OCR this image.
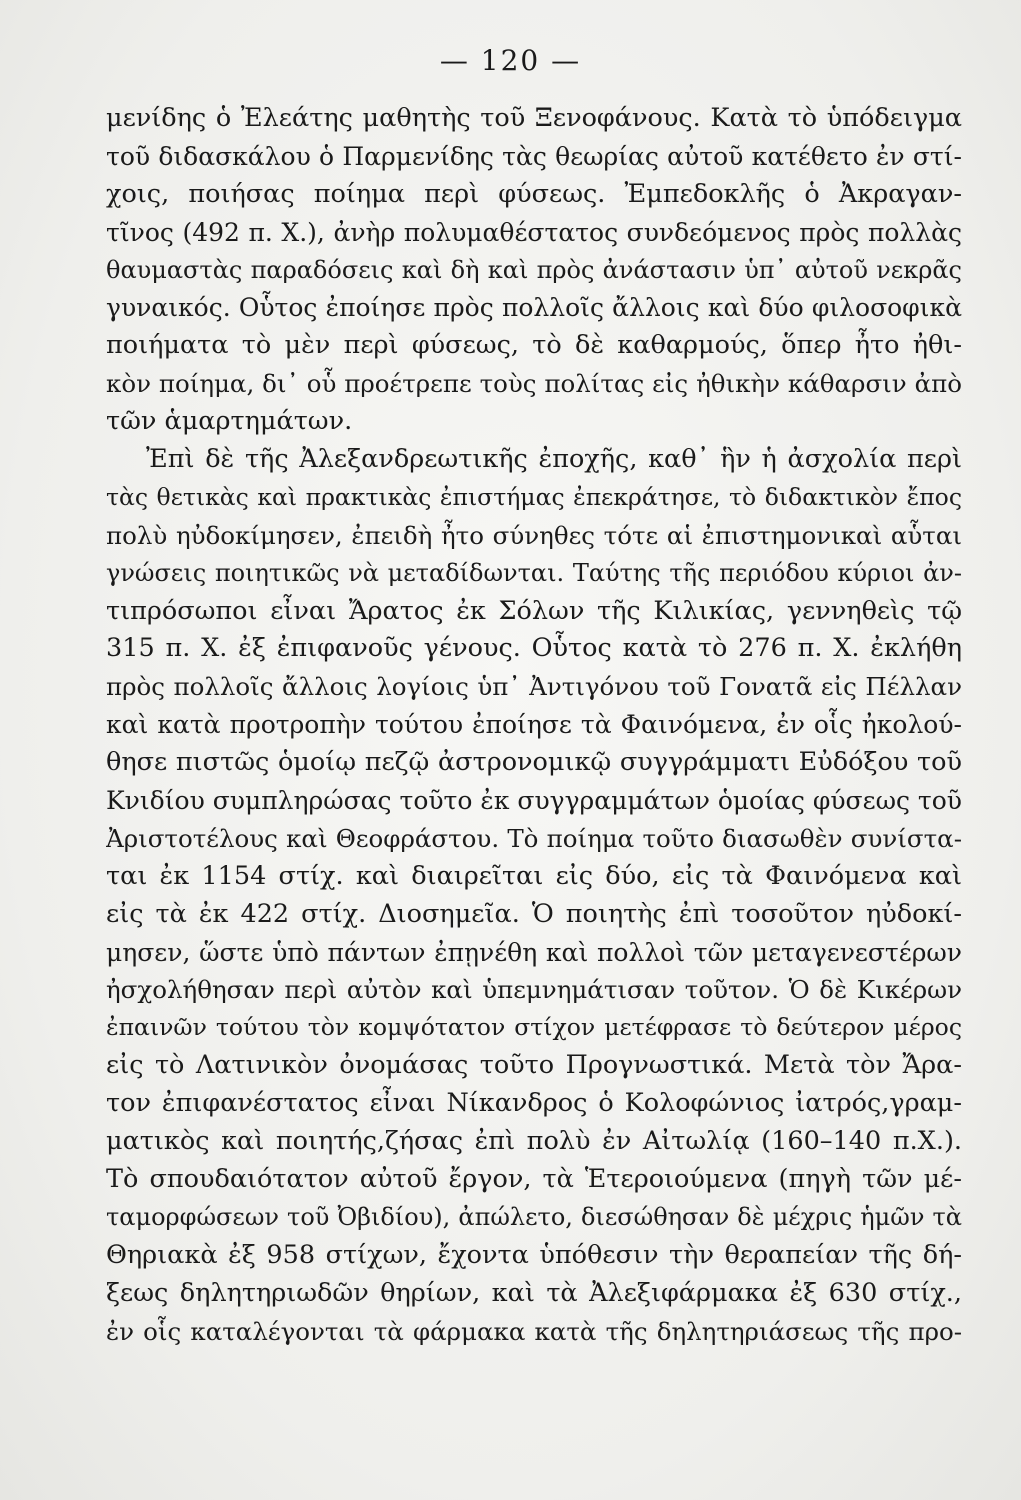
— 120 —
μενίδης ὁ Ἐλεάτης μαθητὴς τοῦ Ξενοφάνους. Κατὰ τὸ ὑπόδειγμα
τοῦ διδασκάλου ὁ Παρμενίδης τὰς θεωρίας αὐτοῦ κατέθετο ἐν στί-
χοις, ποιήσας ποίημα περὶ φύσεως. Ἐμπεδοκλῆς ὁ Ἀκραγαν-
τῖνος (492 π. Χ.), ἀνὴρ πολυμαθέστατος συνδεόμενος πρὸς πολλὰς
θαυμαστὰς παραδόσεις καὶ δὴ καὶ πρὸς ἀνάστασιν ὑπ᾽ αὐτοῦ νεκρᾶς
γυναικός. Οὗτος ἐποίησε πρὸς πολλοῖς ἄλλοις καὶ δύο φιλοσοφικὰ
ποιήματα τὸ μὲν περὶ φύσεως, τὸ δὲ καθαρμούς, ὅπερ ἦτο ἠθι-
κὸν ποίημα, δι᾽ οὗ προέτρεπε τοὺς πολίτας εἰς ἠθικὴν κάθαρσιν ἀπὸ
τῶν ἁμαρτημάτων.
Ἐπὶ δὲ τῆς Ἀλεξανδρεωτικῆς ἐποχῆς, καθ᾽ ἣν ἡ ἀσχολία περὶ
τὰς θετικὰς καὶ πρακτικὰς ἐπιστήμας ἐπεκράτησε, τὸ διδακτικὸν ἔπος
πολὺ ηὐδοκίμησεν, ἐπειδὴ ἦτο σύνηθες τότε αἱ ἐπιστημονικαὶ αὗται
γνώσεις ποιητικῶς νὰ μεταδίδωνται. Ταύτης τῆς περιόδου κύριοι ἀν-
τιπρόσωποι εἶναι Ἄρατος ἐκ Σόλων τῆς Κιλικίας, γεννηθεὶς τῷ
315 π. Χ. ἐξ ἐπιφανοῦς γένους. Οὗτος κατὰ τὸ 276 π. Χ. ἐκλήθη
πρὸς πολλοῖς ἄλλοις λογίοις ὑπ᾽ Ἀντιγόνου τοῦ Γονατᾶ εἰς Πέλλαν
καὶ κατὰ προτροπὴν τούτου ἐποίησε τὰ Φαινόμενα, ἐν οἷς ἠκολού-
θησε πιστῶς ὁμοίῳ πεζῷ ἀστρονομικῷ συγγράμματι Εὐδόξου τοῦ
Κνιδίου συμπληρώσας τοῦτο ἐκ συγγραμμάτων ὁμοίας φύσεως τοῦ
Ἀριστοτέλους καὶ Θεοφράστου. Τὸ ποίημα τοῦτο διασωθὲν συνίστα-
ται ἐκ 1154 στίχ. καὶ διαιρεῖται εἰς δύο, εἰς τὰ Φαινόμενα καὶ
εἰς τὰ ἐκ 422 στίχ. Διοσημεῖα. Ὁ ποιητὴς ἐπὶ τοσοῦτον ηὐδοκί-
μησεν, ὥστε ὑπὸ πάντων ἐπῃνέθη καὶ πολλοὶ τῶν μεταγενεστέρων
ἠσχολήθησαν περὶ αὐτὸν καὶ ὑπεμνημάτισαν τοῦτον. Ὁ δὲ Κικέρων
ἐπαινῶν τούτου τὸν κομψότατον στίχον μετέφρασε τὸ δεύτερον μέρος
εἰς τὸ Λατινικὸν ὀνομάσας τοῦτο Προγνωστικά. Μετὰ τὸν Ἄρα-
τον ἐπιφανέστατος εἶναι Νίκανδρος ὁ Κολοφώνιος ἰατρός,γραμ-
ματικὸς καὶ ποιητής,ζήσας ἐπὶ πολὺ ἐν Αἰτωλίᾳ (160–140 π.Χ.).
Τὸ σπουδαιότατον αὐτοῦ ἔργον, τὰ Ἑτεροιούμενα (πηγὴ τῶν μέ-
ταμορφώσεων τοῦ Ὀβιδίου), ἀπώλετο, διεσώθησαν δὲ μέχρις ἡμῶν τὰ
Θηριακὰ ἐξ 958 στίχων, ἔχοντα ὑπόθεσιν τὴν θεραπείαν τῆς δή-
ξεως δηλητηριωδῶν θηρίων, καὶ τὰ Ἀλεξιφάρμακα ἐξ 630 στίχ.,
ἐν οἷς καταλέγονται τὰ φάρμακα κατὰ τῆς δηλητηριάσεως τῆς προ-
